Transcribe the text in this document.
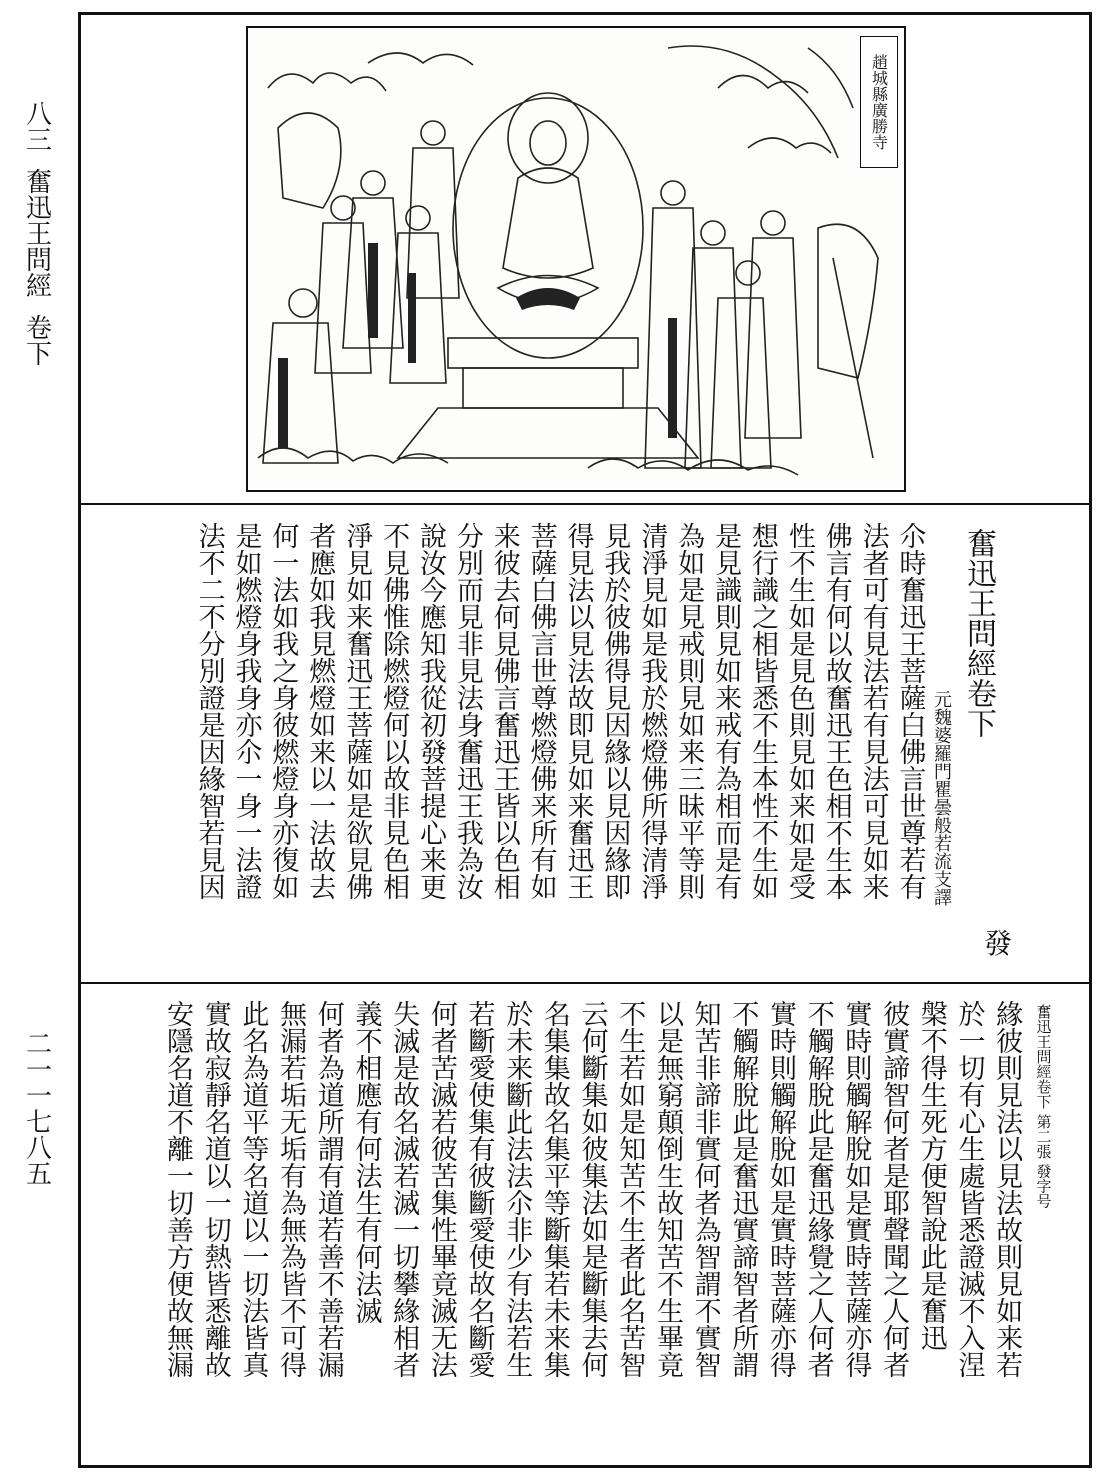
八三
奮迅王問經
卷下
二一一七八五
趙城縣廣勝寺
奮迅王問經卷下
元魏婆羅門瞿曇般若流支譯
發
尒時奮迅王菩薩白佛言世尊若有
法者可有見法若有見法可見如来
佛言有何以故奮迅王色相不生本
性不生如是見色則見如来如是受
想行識之相皆悉不生本性不生如
是見識則見如来戒有為相而是有
為如是見戒則見如来三昧平等則
清淨見如是我於燃燈佛所得清淨
見我於彼佛得見因緣以見因緣即
得見法以見法故即見如来奮迅王
菩薩白佛言世尊燃燈佛来所有如
来彼去何見佛言奮迅王皆以色相
分別而見非見法身奮迅王我為汝
說汝今應知我從初發菩提心来更
不見佛惟除燃燈何以故非見色相
淨見如来奮迅王菩薩如是欲見佛
者應如我見燃燈如来以一法故去
何一法如我之身彼燃燈身亦復如
是如燃燈身我身亦尒一身一法證
法不二不分別證是因緣智若見因
奮迅王問經卷下 第二張 發字号
緣彼則見法以見法故則見如来若
於一切有心生處皆悉證滅不入涅
槃不得生死方便智說此是奮迅
彼實諦智何者是耶聲聞之人何者
實時則觸解脫如是實時菩薩亦得
不觸解脫此是奮迅緣覺之人何者
實時則觸解脫如是實時菩薩亦得
不觸解脫此是奮迅實諦智者所謂
知苦非諦非實何者為智謂不實智
以是無窮顛倒生故知苦不生畢竟
不生若如是知苦不生者此名苦智
云何斷集如彼集法如是斷集去何
名集集故名集平等斷集若未来集
於未来斷此法法尒非少有法若生
若斷愛使集有彼斷愛使故名斷愛
何者苦滅若彼苦集性畢竟滅无法
失滅是故名滅若滅一切攀緣相者
義不相應有何法生有何法滅
何者為道所謂有道若善不善若漏
無漏若垢无垢有為無為皆不可得
此名為道平等名道以一切法皆真
實故寂靜名道以一切熱皆悉離故
安隱名道不離一切善方便故無漏
